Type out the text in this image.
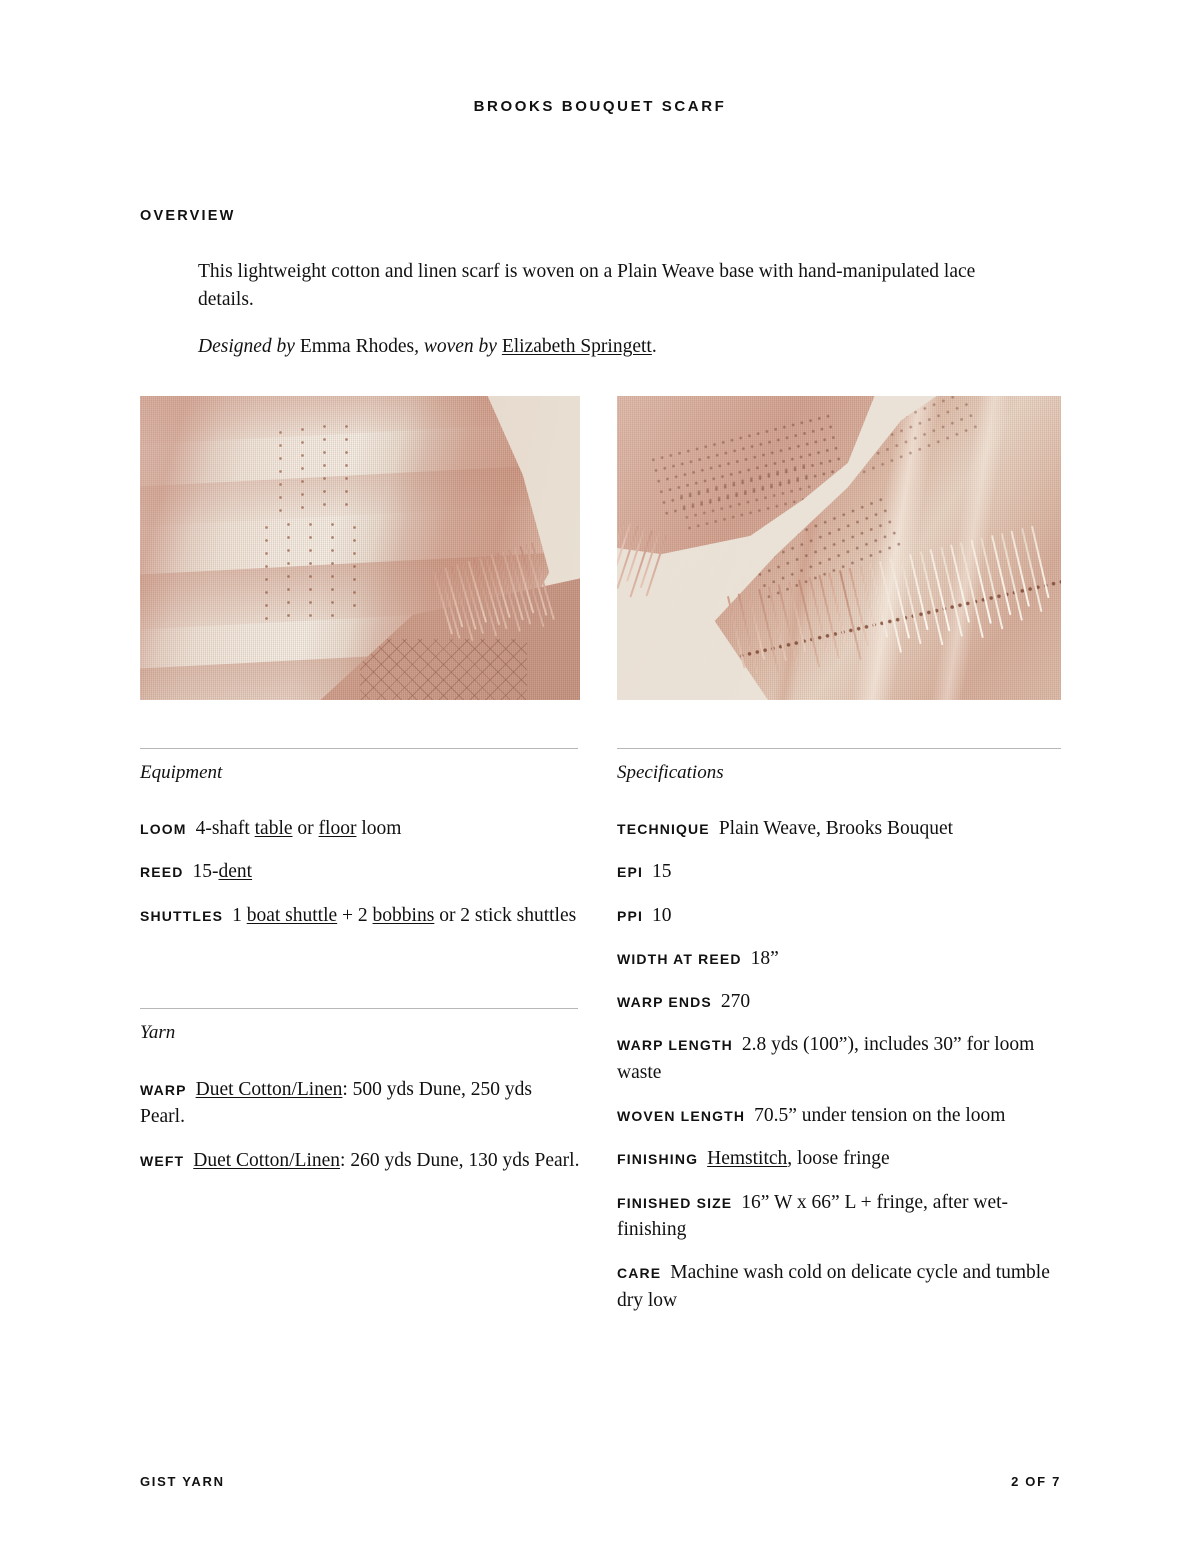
BROOKS BOUQUET SCARF
OVERVIEW

This lightweight cotton and linen scarf is woven on a Plain Weave base with hand-manipulated lace details.

Designed by Emma Rhodes, woven by Elizabeth Springett.

Equipment
LOOM 4-shaft table or floor loom
REED 15-dent
SHUTTLES 1 boat shuttle + 2 bobbins or 2 stick shuttles
Yarn
WARP Duet Cotton/Linen: 500 yds Dune, 250 yds Pearl.
WEFT Duet Cotton/Linen: 260 yds Dune, 130 yds Pearl.
Specifications
TECHNIQUE Plain Weave, Brooks Bouquet
EPI 15
PPI 10
WIDTH AT REED 18”
WARP ENDS 270
WARP LENGTH 2.8 yds (100”), includes 30” for loom waste
WOVEN LENGTH 70.5” under tension on the loom
FINISHING Hemstitch, loose fringe
FINISHED SIZE 16” W x 66” L + fringe, after wet-finishing
CARE Machine wash cold on delicate cycle and tumble dry low
GIST YARN	2 OF 7
